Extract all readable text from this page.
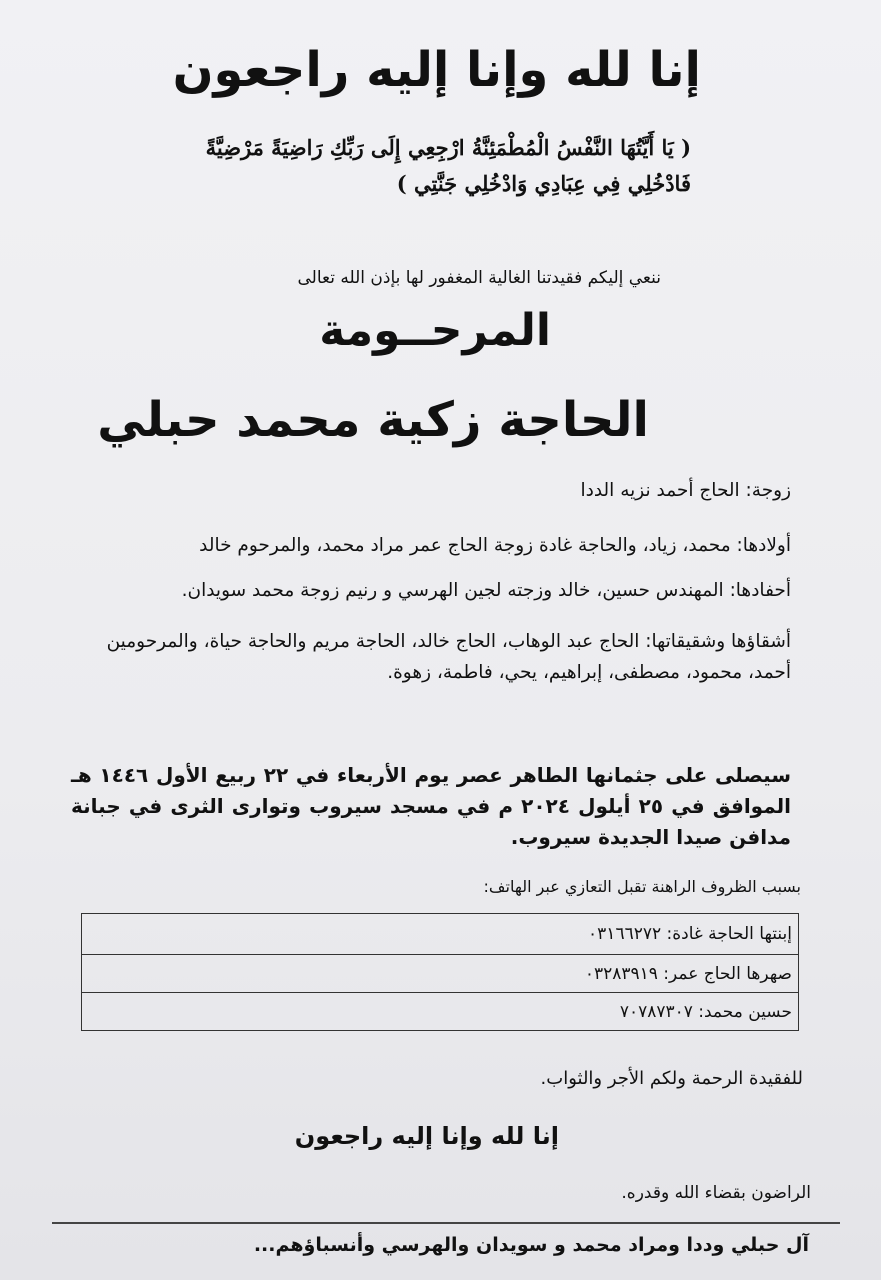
إنا لله وإنا إليه راجعون
( يَا أَيَّتُهَا النَّفْسُ الْمُطْمَئِنَّةُ ارْجِعِي إِلَى رَبِّكِ رَاضِيَةً مَرْضِيَّةً فَادْخُلِي فِي عِبَادِي وَادْخُلِي جَنَّتِي )
ننعي إليكم فقيدتنا الغالية المغفور لها بإذن الله تعالى
المرحــومة
الحاجة زكية محمد حبلي
زوجة: الحاج أحمد نزيه الددا
أولادها: محمد، زياد، والحاجة غادة زوجة الحاج عمر مراد محمد، والمرحوم خالد
أحفادها: المهندس حسين، خالد وزجته لجين الهرسي و رنيم زوجة محمد سويدان.
أشقاؤها وشقيقاتها: الحاج عبد الوهاب، الحاج خالد، الحاجة مريم والحاجة حياة، والمرحومين أحمد، محمود، مصطفى، إبراهيم، يحي، فاطمة، زهوة.
سيصلى على جثمانها الطاهر عصر يوم الأربعاء في ٢٢ ربيع الأول ١٤٤٦ هـ الموافق في ٢٥ أيلول ٢٠٢٤ م في مسجد سيروب وتوارى الثرى في جبانة مدافن صيدا الجديدة سيروب.
بسبب الظروف الراهنة تقبل التعازي عبر الهاتف:
إبنتها الحاجة غادة: ٠٣١٦٦٢٧٢
صهرها الحاج عمر: ٠٣٢٨٣٩١٩
حسين محمد: ٧٠٧٨٧٣٠٧
للفقيدة الرحمة ولكم الأجر والثواب.
إنا لله وإنا إليه راجعون
الراضون بقضاء الله وقدره.
آل حبلي وددا ومراد محمد و سويدان والهرسي وأنسباؤهم...
